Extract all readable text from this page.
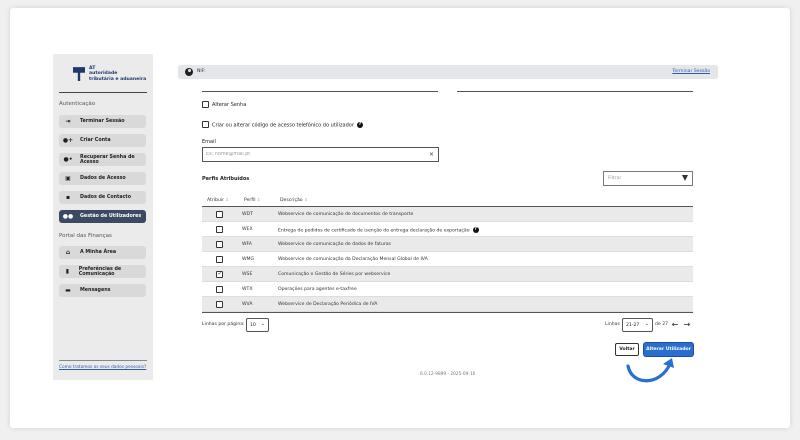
AT
autoridade
tributária e aduaneira
Autenticação
⇥	Terminar Sessão
●+ Criar Conta
●• Recuperar Senha de Acesso
▣ Dados de Acesso
▪	Dados de Contacto
●● Gestão de Utilizadores
Portal das Finanças
⌂	A Minha Área
▮	Preferências de Comunicação
▬ Mensagens
Como tratamos os seus dados pessoais?
NIF:	Terminar Sessão
Alterar Senha
Criar ou alterar código de acesso telefónico do utilizador ?
Email
Ex: nome@mail.pt
×
Perfis Atribuídos	Filtrar
Atribuir ⇕	Perfil ⇕	Descrição ⇕
WDT	Webservice de comunicação de documentos de transporte
WEX	Entrega de pedidos de certificado de isenção do entrega declaração de exportação ?
WFA	Webservice de comunicação de dados de faturas
WMG	Webservice de comunicação da Declaração Mensal Global de IVA
✓
WSE	Comunicação e Gestão de Séries por webservice
WTX	Operações para agentes e-taxfree
WVA	Webservice de Declaração Periódica de IVA
Linhas por página:	10 ⌄	Linhas	21-27 ⌄ de 27 ← →
Voltar	Alterar Utilizador
6.0.12-9899 - 2025-09-16
